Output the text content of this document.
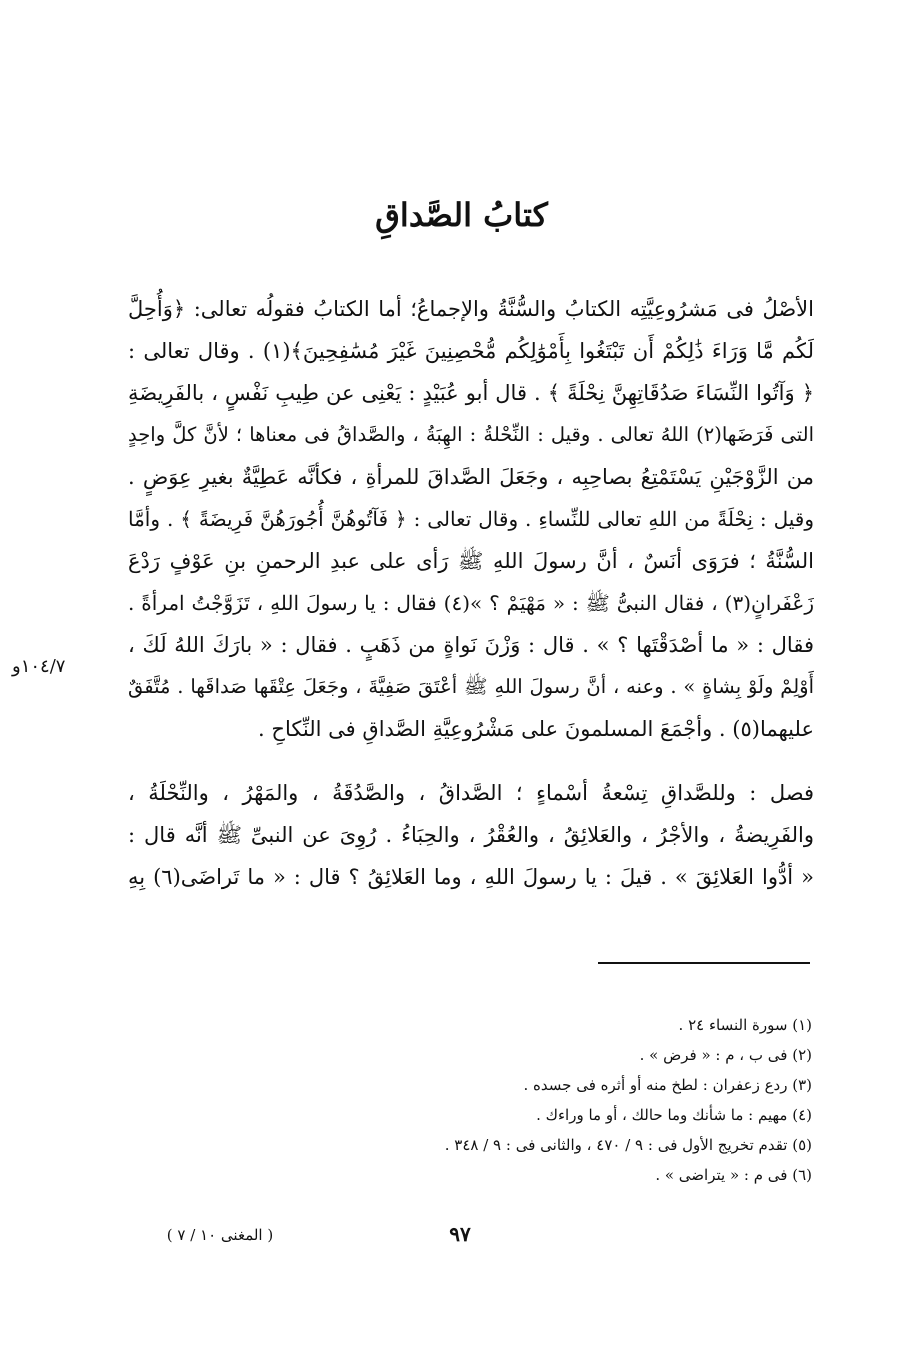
كتابُ الصَّداقِ
الأصْلُ فى مَشرُوعِيَّتِه الكتابُ والسُّنَّةُ والإجماعُ؛ أما الكتابُ فقولُه تعالى: ﴿وَأُحِلَّ
لَكُم مَّا وَرَاءَ ذَٰلِكُمْ أَن تَبْتَغُوا بِأَمْوَٰلِكُم مُّحْصِنِينَ غَيْرَ مُسَٰفِحِينَ﴾(١) . وقال تعالى :
﴿ وَآتُوا النِّسَاءَ صَدُقَاتِهِنَّ نِحْلَةً ﴾ . قال أبو عُبَيْدٍ : يَعْنِى عن طِيبِ نَفْسٍ ، بالفَرِيضَةِ
التى فَرَضَها(٢) اللهُ تعالى . وقيل : النِّحْلةُ : الهِبَةُ ، والصَّداقُ فى معناها ؛ لأنَّ كلَّ واحِدٍ
من الزَّوْجَيْنِ يَسْتَمْتِعُ بصاحِبِه ، وجَعَلَ الصَّداقَ للمرأةِ ، فكأنَّه عَطِيَّةٌ بغيرِ عِوَضٍ .
وقيل : نِحْلَةً من اللهِ تعالى للنِّساءِ . وقال تعالى : ﴿ فَآتُوهُنَّ أُجُورَهُنَّ فَرِيضَةً ﴾ . وأمَّا
السُّنَّةُ ؛ فرَوَى أنَسٌ ، أنَّ رسولَ اللهِ ﷺ رَأى على عبدِ الرحمنِ بنِ عَوْفٍ رَدْعَ
زَعْفَرانٍ(٣) ، فقال النبىُّ ﷺ : « مَهْيَمْ ؟ »(٤) فقال : يا رسولَ اللهِ ، تَزَوَّجْتُ امرأةً .
فقال : « ما أصْدَقْتَها ؟ » . قال : وَزْنَ نَواةٍ من ذَهَبٍ . فقال : « بارَكَ اللهُ لَكَ ،
أَوْلِمْ ولَوْ بِشاةٍ » . وعنه ، أنَّ رسولَ اللهِ ﷺ أعْتَقَ صَفِيَّةَ ، وجَعَلَ عِتْقَها صَداقَها . مُتَّفَقٌ
عليهما(٥) . وأجْمَعَ المسلمونَ على مَشْرُوعِيَّةِ الصَّداقِ فى النِّكاحِ .
فصل : وللصَّداقِ تِسْعةُ أسْماءٍ ؛ الصَّداقُ ، والصَّدُقَةُ ، والمَهْرُ ، والنِّحْلَةُ ،
والفَرِيضةُ ، والأجْرُ ، والعَلائِقُ ، والعُقْرُ ، والحِبَاءُ . رُوِىَ عن النبىِّ ﷺ أنَّه قال :
« أدُّوا العَلائِقَ » . قيلَ : يا رسولَ اللهِ ، وما العَلائِقُ ؟ قال : « ما تَراضَى(٦) بِهِ
١٠٤/٧و
(١) سورة النساء ٢٤ .
(٢) فى ب ، م : « فرض » .
(٣) ردع زعفران : لطخ منه أو أثره فى جسده .
(٤) مهيم : ما شأنك وما حالك ، أو ما وراءك .
(٥) تقدم تخريج الأول فى : ٩ / ٤٧٠ ، والثانى فى : ٩ / ٣٤٨ .
(٦) فى م : « يتراضى » .
٩٧
( المغنى ١٠ / ٧ )
